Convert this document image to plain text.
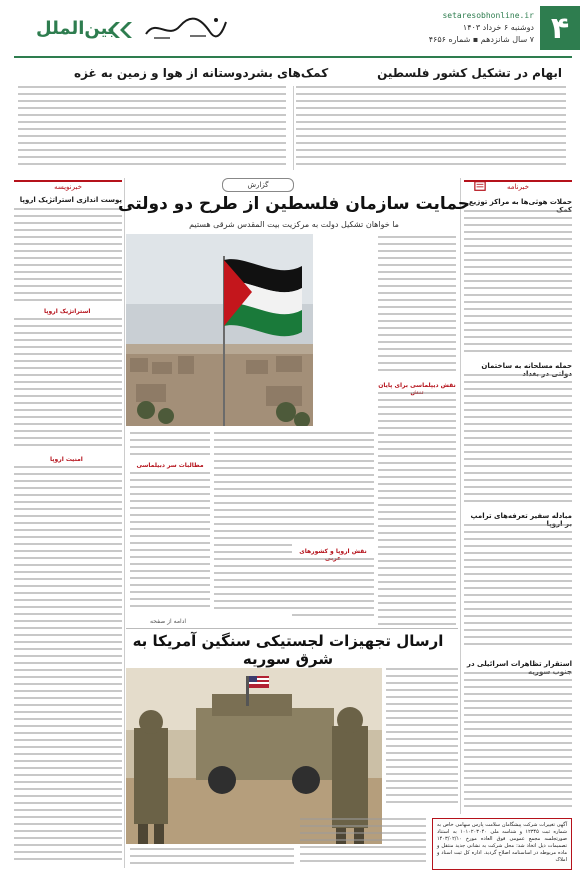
۴
setaresobhonline.ir
دوشنبه ۶ خرداد ۱۴۰۳
۷ سال شانزدهم ▪ شماره ۴۶۵۶
بین‌الملل
ابهام در تشکیل کشور فلسطین
کمک‌های بشردوستانه از هوا و زمین به غزه
خبرنامه
حملات هوثی‌ها به مراکز توزیع
حمله مسلحانه به ساختمان
مبادله سفیر تعرفه‌های ترامپ
استقرار تظاهرات اسرائیلی در
آگهی تغییرات شرکت پیشگامان سلامت پارس سهامی خاص به شماره ثبت ۱۲۳۴۵ و شناسه ملی ۱۰۱۰۲۰۳۰۴۰ به استناد صورتجلسه مجمع عمومی فوق العاده مورخ ۱۴۰۳/۰۲/۱۰ تصمیمات ذیل اتخاذ شد: محل شرکت به نشانی جدید منتقل و ماده مربوطه در اساسنامه اصلاح گردید. اداره کل ثبت اسناد و املاک
خبرنویسه
پوست اندازی استراتژیک اروپا
استراتژیک اروپا
امنیت اروپا
گزارش
حمایت سازمان فلسطین از طرح دو دولتی
ما خواهان تشکیل دولت به مرکزیت بیت المقدس شرقی هستیم
نقش دیپلماسی برای پایان
نقش اروپا و کشورهای
مطالبات سر دبیلماسی
ادامه از صفحه
ارسال تجهیزات لجستیکی سنگین آمریکا به شرق سوریه
